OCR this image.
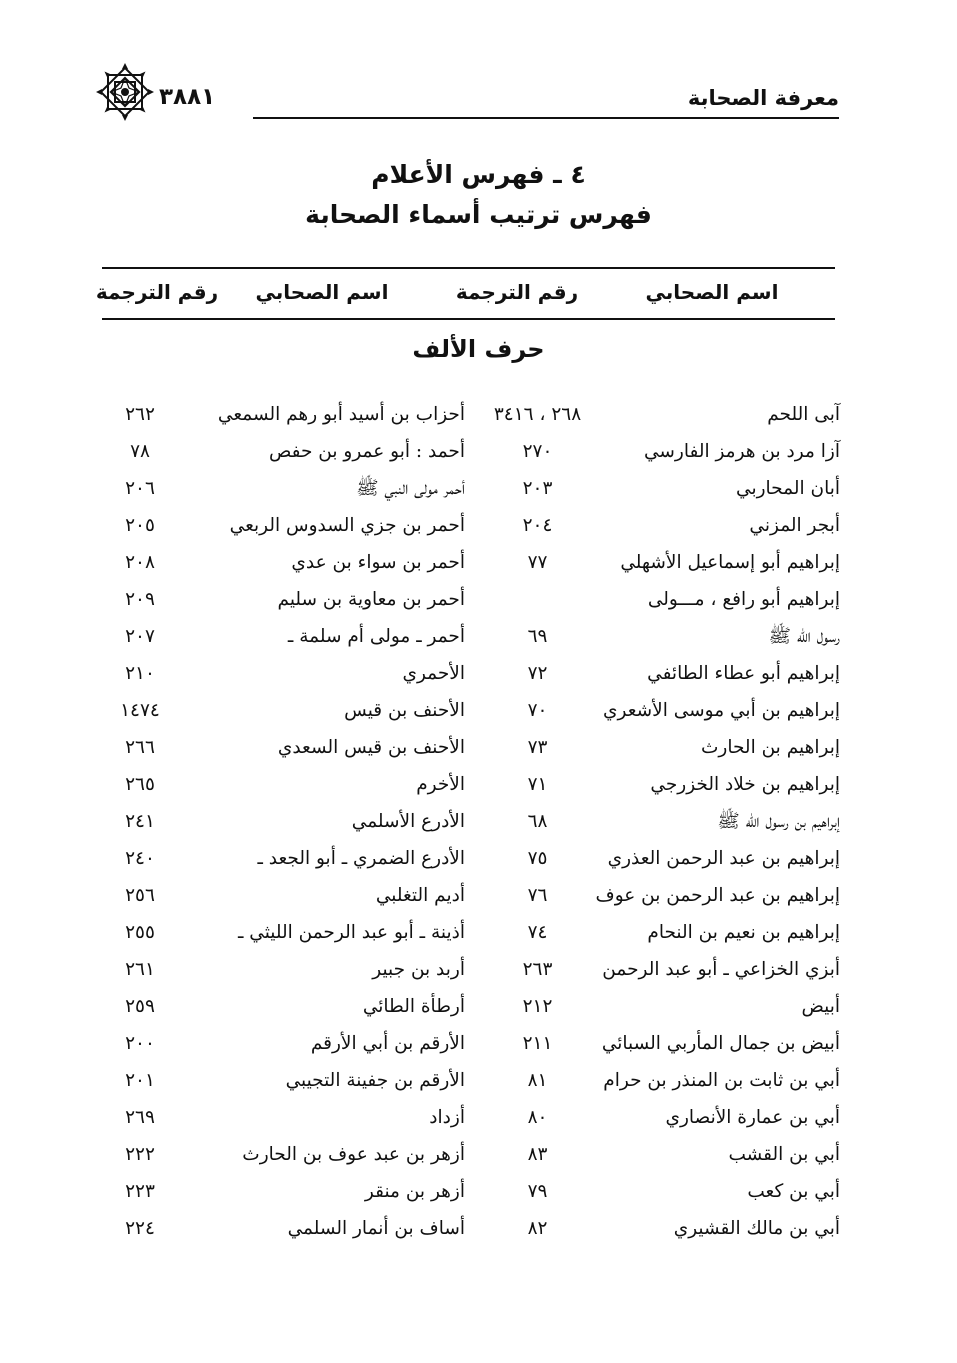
معرفة الصحابة
٣٨٨١
٤ ـ فهرس الأعلام
فهرس ترتيب أسماء الصحابة
اسم الصحابي
رقم الترجمة
اسم الصحابي
رقم الترجمة
حرف الألف
آبى اللحم
٢٦٨ ، ٣٤١٦
أحزاب بن أسيد أبو رهم السمعي
٢٦٢
آزا مرد بن هرمز الفارسي
٢٧٠
أحمد : أبو عمرو بن حفص
٧٨
أبان المحاربي
٢٠٣
أحمر مولى النبي ﷺ
٢٠٦
أبجر المزني
٢٠٤
أحمر بن جزي السدوس الربعي
٢٠٥
إبراهيم أبو إسماعيل الأشهلي
٧٧
أحمر بن سواء بن عدي
٢٠٨
إبراهيم أبو رافع ، مـــولى
أحمر بن معاوية بن سليم
٢٠٩
رسول الله ﷺ
٦٩
أحمر ـ مولى أم سلمة ـ
٢٠٧
إبراهيم أبو عطاء الطائفي
٧٢
الأحمري
٢١٠
إبراهيم بن أبي موسى الأشعري
٧٠
الأحنف بن قيس
١٤٧٤
إبراهيم بن الحارث
٧٣
الأحنف بن قيس السعدي
٢٦٦
إبراهيم بن خلاد الخزرجي
٧١
الأخرم
٢٦٥
إبراهيم بن رسول الله ﷺ
٦٨
الأدرع الأسلمي
٢٤١
إبراهيم بن عبد الرحمن العذري
٧٥
الأدرع الضمري ـ أبو الجعد ـ
٢٤٠
إبراهيم بن عبد الرحمن بن عوف
٧٦
أديم التغلبي
٢٥٦
إبراهيم بن نعيم بن النحام
٧٤
أذينة ـ أبو عبد الرحمن الليثي ـ
٢٥٥
أبزي الخزاعي ـ أبو عبد الرحمن
٢٦٣
أربد بن جبير
٢٦١
أبيض
٢١٢
أرطأة الطائي
٢٥٩
أبيض بن جمال المأربي السبائي
٢١١
الأرقم بن أبي الأرقم
٢٠٠
أبي بن ثابت بن المنذر بن حرام
٨١
الأرقم بن جفينة التجيبي
٢٠١
أبي بن عمارة الأنصاري
٨٠
أزداد
٢٦٩
أبي بن القشب
٨٣
أزهر بن عبد عوف بن الحارث
٢٢٢
أبي بن كعب
٧٩
أزهر بن منقر
٢٢٣
أبي بن مالك القشيري
٨٢
أساف بن أنمار السلمي
٢٢٤
